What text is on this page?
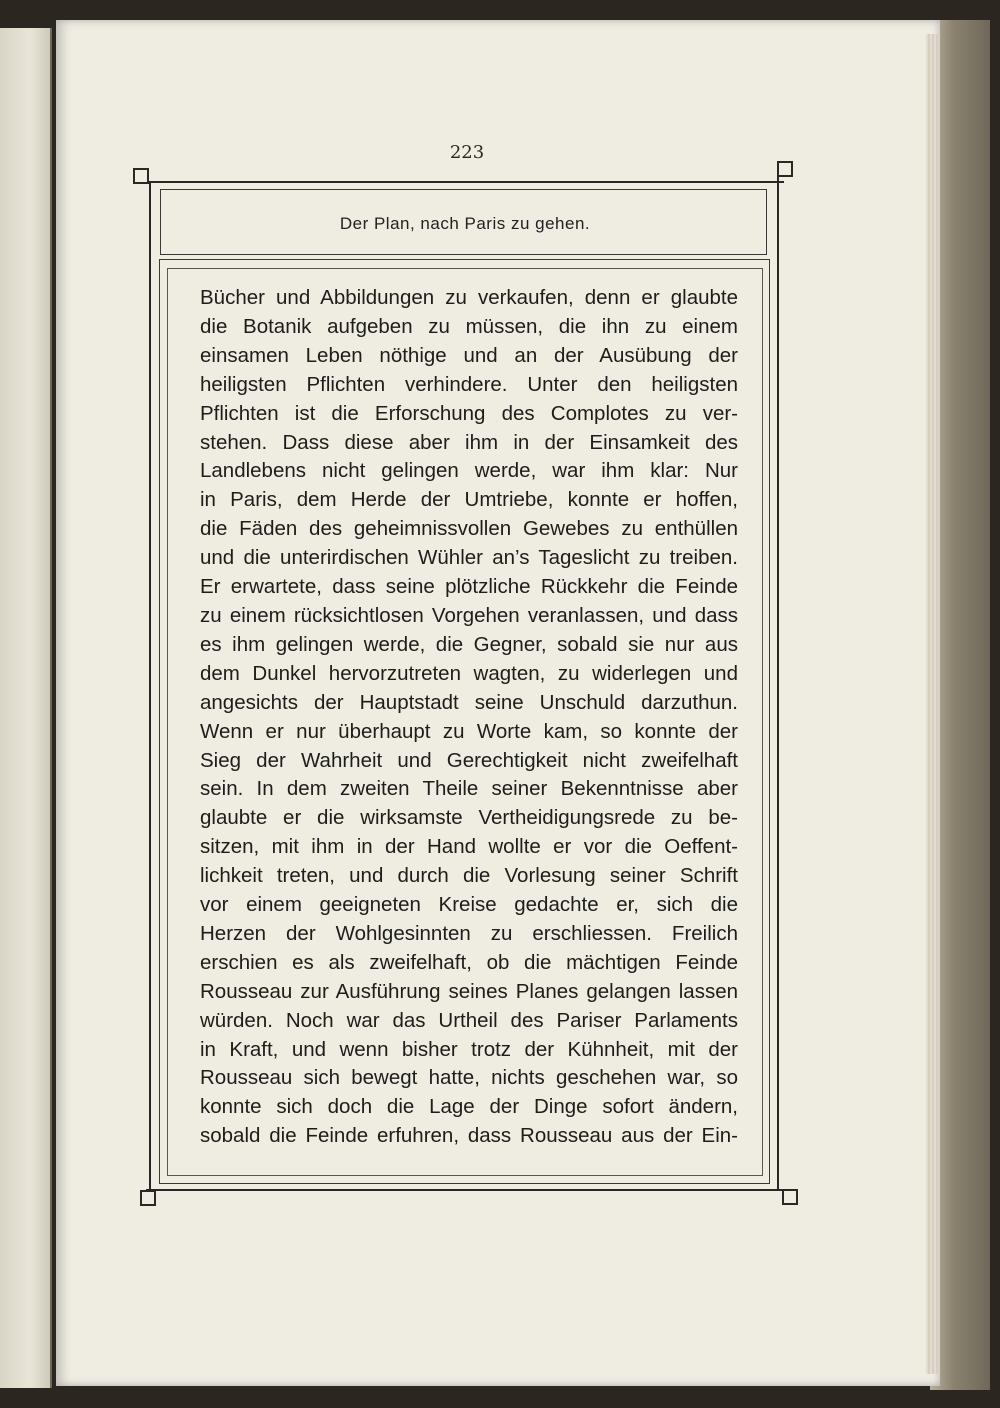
223
Der Plan, nach Paris zu gehen.
Bücher und Abbildungen zu verkaufen, denn er glaubte
die Botanik aufgeben zu müssen, die ihn zu einem
einsamen Leben nöthige und an der Ausübung der
heiligsten Pflichten verhindere. Unter den heiligsten
Pflichten ist die Erforschung des Complotes zu ver-
stehen. Dass diese aber ihm in der Einsamkeit des
Landlebens nicht gelingen werde, war ihm klar: Nur
in Paris, dem Herde der Umtriebe, konnte er hoffen,
die Fäden des geheimnissvollen Gewebes zu enthüllen
und die unterirdischen Wühler an’s Tageslicht zu treiben.
Er erwartete, dass seine plötzliche Rückkehr die Feinde
zu einem rücksichtlosen Vorgehen veranlassen, und dass
es ihm gelingen werde, die Gegner, sobald sie nur aus
dem Dunkel hervorzutreten wagten, zu widerlegen und
angesichts der Hauptstadt seine Unschuld darzuthun.
Wenn er nur überhaupt zu Worte kam, so konnte der
Sieg der Wahrheit und Gerechtigkeit nicht zweifelhaft
sein. In dem zweiten Theile seiner Bekenntnisse aber
glaubte er die wirksamste Vertheidigungsrede zu be-
sitzen, mit ihm in der Hand wollte er vor die Oeffent-
lichkeit treten, und durch die Vorlesung seiner Schrift
vor einem geeigneten Kreise gedachte er, sich die
Herzen der Wohlgesinnten zu erschliessen. Freilich
erschien es als zweifelhaft, ob die mächtigen Feinde
Rousseau zur Ausführung seines Planes gelangen lassen
würden. Noch war das Urtheil des Pariser Parlaments
in Kraft, und wenn bisher trotz der Kühnheit, mit der
Rousseau sich bewegt hatte, nichts geschehen war, so
konnte sich doch die Lage der Dinge sofort ändern,
sobald die Feinde erfuhren, dass Rousseau aus der Ein-
